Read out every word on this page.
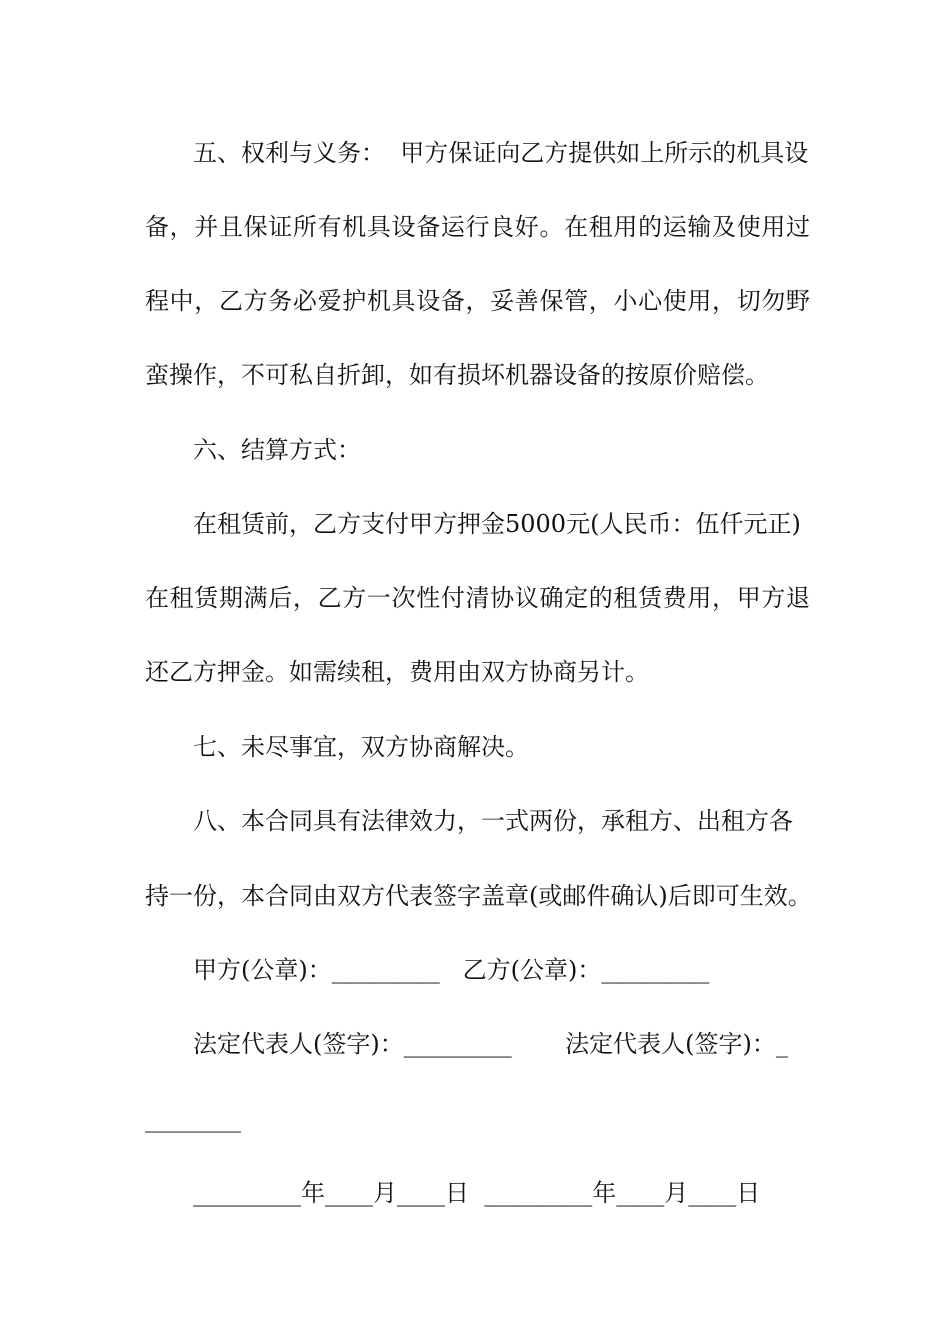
五、权利与义务：  甲方保证向乙方提供如上所示的机具设
备，并且保证所有机具设备运行良好。在租用的运输及使用过
程中，乙方务必爱护机具设备，妥善保管，小心使用，切勿野
蛮操作，不可私自折卸，如有损坏机器设备的按原价赔偿。
六、结算方式：
在租赁前，乙方支付甲方押金5000元(人民币：伍仟元正)
在租赁期满后，乙方一次性付清协议确定的租赁费用，甲方退
还乙方押金。如需续租，费用由双方协商另计。
七、未尽事宜，双方协商解决。
八、本合同具有法律效力，一式两份，承租方、出租方各
持一份，本合同由双方代表签字盖章(或邮件确认)后即可生效。
甲方(公章)：_________   乙方(公章)：_________
法定代表人(签字)：_________       法定代表人(签字)：_
________
_________年____月____日  _________年____月____日
